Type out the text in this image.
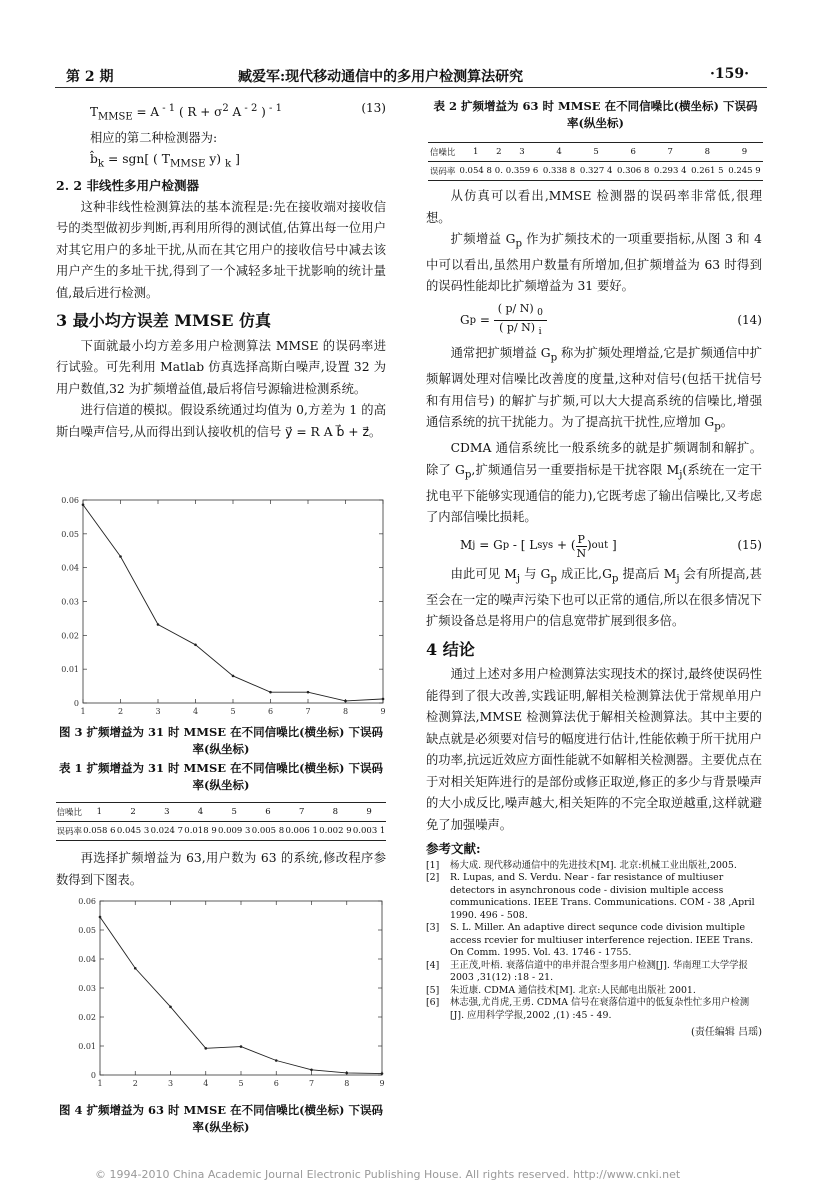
第 2 期	臧爱军:现代移动通信中的多用户检测算法研究	·159·
$T_{MMSE} = A$ $^{- 1}$ ( $R + \sigma^2$ A $^{- 2}$ ) $^{- 1}$	(13)
相应的第二种检测器为:
$b̂_k = sgn$[ ( $T_{MMSE}$ y) $_k$ ]
2. 2 非线性多用户检测器

这种非线性检测算法的基本流程是:先在接收端对接收信号的类型做初步判断,再利用所得的测试值,估算出每一位用户对其它用户的多址干扰,从而在其它用户的接收信号中减去该用户产生的多址干扰,得到了一个减轻多址干扰影响的统计量值,最后进行检测。

3 最小均方误差 MMSE 仿真

下面就最小均方差多用户检测算法 MMSE 的误码率进行试验。可先利用 Matlab 仿真选择高斯白噪声,设置 32 为用户数值,32 为扩频增益值,最后将信号源输进检测系统。

进行信道的模拟。假设系统通过均值为 0,方差为 1 的高斯白噪声信号,从而得出到认接收机的信号 y⃗ = R A b⃗ + z⃗。

0
0.01
0.02
0.03
0.04
0.05
0.06
1	2	3	4	5	6	7	8	9
图 3 扩频增益为 31 时 MMSE 在不同信噪比(横坐标) 下误码率(纵坐标)
表 1 扩频增益为 31 时 MMSE 在不同信噪比(横坐标) 下误码率(纵坐标)
信噪比	1	2	3	4	5	6	7	8	9
误码率	0.058 6	0.045 3	0.024 7	0.018 9	0.009 3	0.005 8	0.006 1	0.002 9	0.003 1

再选择扩频增益为 63,用户数为 63 的系统,修改程序参数得到下图表。

0
0.01
0.02
0.03
0.04
0.05
0.06
1	2	3	4	5	6	7	8	9
图 4 扩频增益为 63 时 MMSE 在不同信噪比(横坐标) 下误码率(纵坐标)
表 2 扩频增益为 63 时 MMSE 在不同信噪比(横坐标) 下误码率(纵坐标)
信噪比	1	2	3	4	5	6	7	8	9
误码率	0.054 8	0.	0.359 6	0.338 8	0.327 4	0.306 8	0.293 4	0.261 5	0.245 9

从仿真可以看出,MMSE 检测器的误码率非常低,很理想。

扩频增益 $G_p$ 作为扩频技术的一项重要指标,从图 3 和 4 中可以看出,虽然用户数量有所增加,但扩频增益为 63 时得到的误码性能却比扩频增益为 31 要好。

G p =
( p/ N) $_0$
( p/ N) $_i$
(14)

通常把扩频增益 $G_p$ 称为扩频处理增益,它是扩频通信中扩频解调处理对信噪比改善度的度量,这种对信号(包括干扰信号和有用信号) 的解扩与扩频,可以大大提高系统的信噪比,增强通信系统的抗干扰能力。为了提高抗干扰性,应增加 $G_p$。

CDMA 通信系统比一般系统多的就是扩频调制和解扩。除了 $G_p$,扩频通信另一重要指标是干扰容限 $M_j$(系统在一定干扰电平下能够实现通信的能力),它既考虑了输出信噪比,又考虑了内部信噪比损耗。

M j = G p - [ L sys + ( P
N
) out ]	(15)

由此可见 $M_j$ 与 $G_p$ 成正比$,G_p$ 提高后 $M_j$ 会有所提高,甚至会在一定的噪声污染下也可以正常的通信,所以在很多情况下扩频设备总是将用户的信息宽带扩展到很多倍。

4 结论

通过上述对多用户检测算法实现技术的探讨,最终使误码性能得到了很大改善,实践证明,解相关检测算法优于常规单用户检测算法,MMSE 检测算法优于解相关检测算法。其中主要的缺点就是必须要对信号的幅度进行估计,性能依赖于所干扰用户的功率,抗远近效应方面性能就不如解相关检测器。主要优点在于对相关矩阵进行的是部份或修正取逆,修正的多少与背景噪声的大小成反比,噪声越大,相关矩阵的不完全取逆越重,这样就避免了加强噪声。

参考文献:
[1]	杨大成. 现代移动通信中的先进技术[M]. 北京:机械工业出版社,2005.
[2]	R. Lupas, and S. Verdu. Near - far resistance of multiuser detectors in asynchronous code - division multiple access communications. IEEE Trans. Communications. COM - 38 ,April 1990. 496 - 508.
[3]	S. L. Miller. An adaptive direct sequnce code division multiple access rcevier for multiuser interference rejection. IEEE Trans. On Comm. 1995. Vol. 43. 1746 - 1755.
[4]	王正茂,叶梧. 衰落信道中的串并混合型多用户检测[J]. 华南理工大学学报 2003 ,31(12) :18 - 21.
[5]	朱近康. CDMA 通信技术[M]. 北京:人民邮电出版社 2001.
[6]	林志强,尤肖虎,王勇. CDMA 信号在衰落信道中的低复杂性忙多用户检测[J]. 应用科学学报,2002 ,(1) :45 - 49.
(责任编辑 吕瑶)
© 1994-2010 China Academic Journal Electronic Publishing House. All rights reserved. http://www.cnki.net
